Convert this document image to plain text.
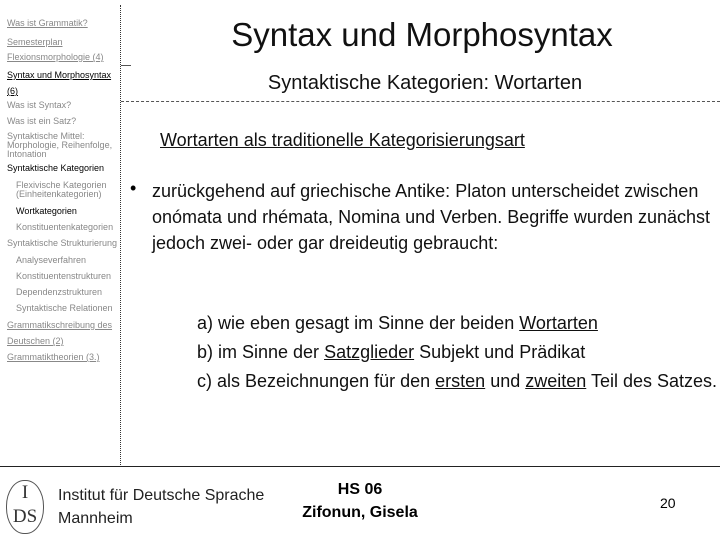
Was ist Grammatik?
Semesterplan
Flexionsmorphologie (4)
Syntax und Morphosyntax
(6)
Was ist Syntax?
Was ist ein Satz?
Syntaktische Mittel: Morphologie, Reihenfolge, Intonation
Syntaktische Kategorien
Flexivische Kategorien (Einheitenkategorien)
Wortkategorien
Konstituentenkategorien
Syntaktische Strukturierung
Analyseverfahren
Konstituentenstrukturen
Dependenzstrukturen
Syntaktische Relationen
Grammatikschreibung des
Deutschen (2)
Grammatiktheorien (3.)
Syntax und Morphosyntax
Syntaktische Kategorien: Wortarten
Wortarten als traditionelle Kategorisierungsart
• zurückgehend auf griechische Antike: Platon unterscheidet zwischen onómata und rhémata, Nomina und Verben. Begriffe wurden zunächst jedoch zwei- oder gar dreideutig gebraucht:
a) wie eben gesagt im Sinne der beiden Wortarten
b) im Sinne der Satzglieder Subjekt und Prädikat
c) als Bezeichnungen für den ersten und zweiten Teil des Satzes.
I
DS
Institut für Deutsche Sprache
Mannheim
HS 06
Zifonun, Gisela
20
